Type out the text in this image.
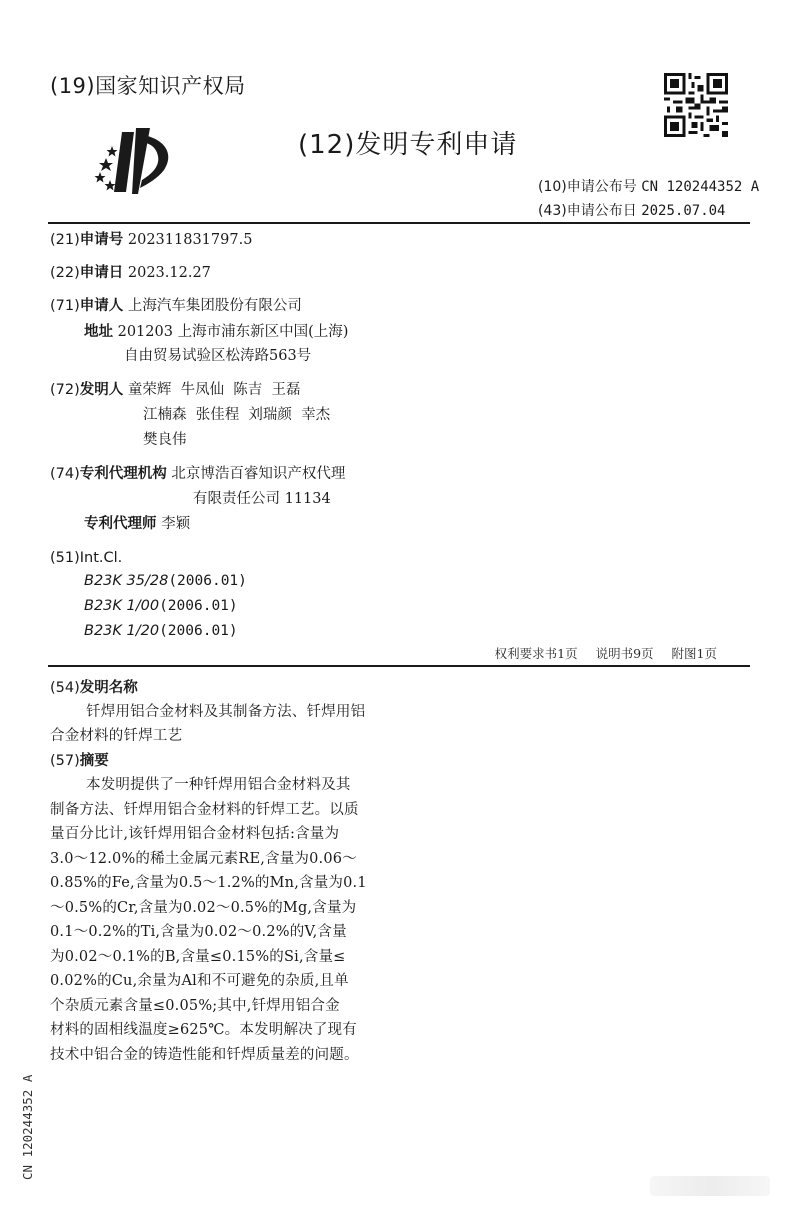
(19)国家知识产权局
(12)发明专利申请
(10)申请公布号 CN 120244352 A
(43)申请公布日 2025.07.04
(21)申请号 202311831797.5
(22)申请日 2023.12.27
(71)申请人 上海汽车集团股份有限公司
地址 201203 上海市浦东新区中国(上海)
自由贸易试验区松涛路563号
(72)发明人 童荣辉  牛凤仙  陈吉  王磊
江楠森  张佳程  刘瑞颜  幸杰
樊良伟
(74)专利代理机构 北京博浩百睿知识产权代理
有限责任公司 11134
专利代理师 李颖
(51)Int.Cl.
B23K 35/28(2006.01)
B23K 1/00(2006.01)
B23K 1/20(2006.01)
权利要求书1页 说明书9页 附图1页
(54)发明名称
钎焊用铝合金材料及其制备方法、钎焊用铝
合金材料的钎焊工艺
(57)摘要
本发明提供了一种钎焊用铝合金材料及其
制备方法、钎焊用铝合金材料的钎焊工艺。以质
量百分比计,该钎焊用铝合金材料包括:含量为
3.0～12.0%的稀土金属元素RE,含量为0.06～
0.85%的Fe,含量为0.5～1.2%的Mn,含量为0.1
～0.5%的Cr,含量为0.02～0.5%的Mg,含量为
0.1～0.2%的Ti,含量为0.02～0.2%的V,含量
为0.02～0.1%的B,含量≤0.15%的Si,含量≤
0.02%的Cu,余量为Al和不可避免的杂质,且单
个杂质元素含量≤0.05%;其中,钎焊用铝合金
材料的固相线温度≥625℃。本发明解决了现有
技术中铝合金的铸造性能和钎焊质量差的问题。
CN 120244352 A
